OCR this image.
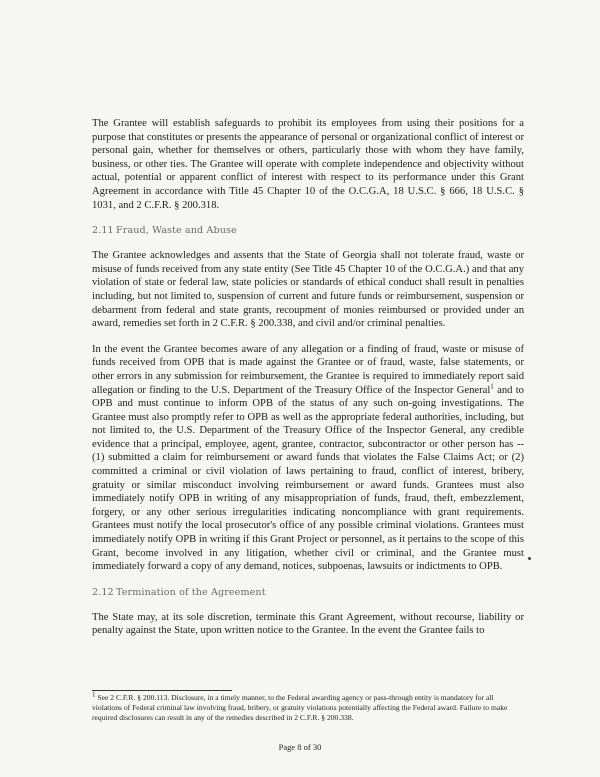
The Grantee will establish safeguards to prohibit its employees from using their positions for a purpose that constitutes or presents the appearance of personal or organizational conflict of interest or personal gain, whether for themselves or others, particularly those with whom they have family, business, or other ties. The Grantee will operate with complete independence and objectivity without actual, potential or apparent conflict of interest with respect to its performance under this Grant Agreement in accordance with Title 45 Chapter 10 of the O.C.G.A, 18 U.S.C. § 666, 18 U.S.C. § 1031, and 2 C.F.R. § 200.318.

2.11 Fraud, Waste and Abuse

The Grantee acknowledges and assents that the State of Georgia shall not tolerate fraud, waste or misuse of funds received from any state entity (See Title 45 Chapter 10 of the O.C.G.A.) and that any violation of state or federal law, state policies or standards of ethical conduct shall result in penalties including, but not limited to, suspension of current and future funds or reimbursement, suspension or debarment from federal and state grants, recoupment of monies reimbursed or provided under an award, remedies set forth in 2 C.F.R. § 200.338, and civil and/or criminal penalties.

In the event the Grantee becomes aware of any allegation or a finding of fraud, waste or misuse of funds received from OPB that is made against the Grantee or of fraud, waste, false statements, or other errors in any submission for reimbursement, the Grantee is required to immediately report said allegation or finding to the U.S. Department of the Treasury Office of the Inspector General$^1$ and to OPB and must continue to inform OPB of the status of any such on-going investigations. The Grantee must also promptly refer to OPB as well as the appropriate federal authorities, including, but not limited to, the U.S. Department of the Treasury Office of the Inspector General, any credible evidence that a principal, employee, agent, grantee, contractor, subcontractor or other person has -- (1) submitted a claim for reimbursement or award funds that violates the False Claims Act; or (2) committed a criminal or civil violation of laws pertaining to fraud, conflict of interest, bribery, gratuity or similar misconduct involving reimbursement or award funds. Grantees must also immediately notify OPB in writing of any misappropriation of funds, fraud, theft, embezzlement, forgery, or any other serious irregularities indicating noncompliance with grant requirements. Grantees must notify the local prosecutor's office of any possible criminal violations. Grantees must immediately notify OPB in writing if this Grant Project or personnel, as it pertains to the scope of this Grant, become involved in any litigation, whether civil or criminal, and the Grantee must immediately forward a copy of any demand, notices, subpoenas, lawsuits or indictments to OPB.

2.12 Termination of the Agreement

The State may, at its sole discretion, terminate this Grant Agreement, without recourse, liability or penalty against the State, upon written notice to the Grantee. In the event the Grantee fails to

$^1$ See 2 C.F.R. § 200.113. Disclosure, in a timely manner, to the Federal awarding agency or pass-through entity is mandatory for all violations of Federal criminal law involving fraud, bribery, or gratuity violations potentially affecting the Federal award. Failure to make required disclosures can result in any of the remedies described in 2 C.F.R. § 200.338.

Page 8 of 30
